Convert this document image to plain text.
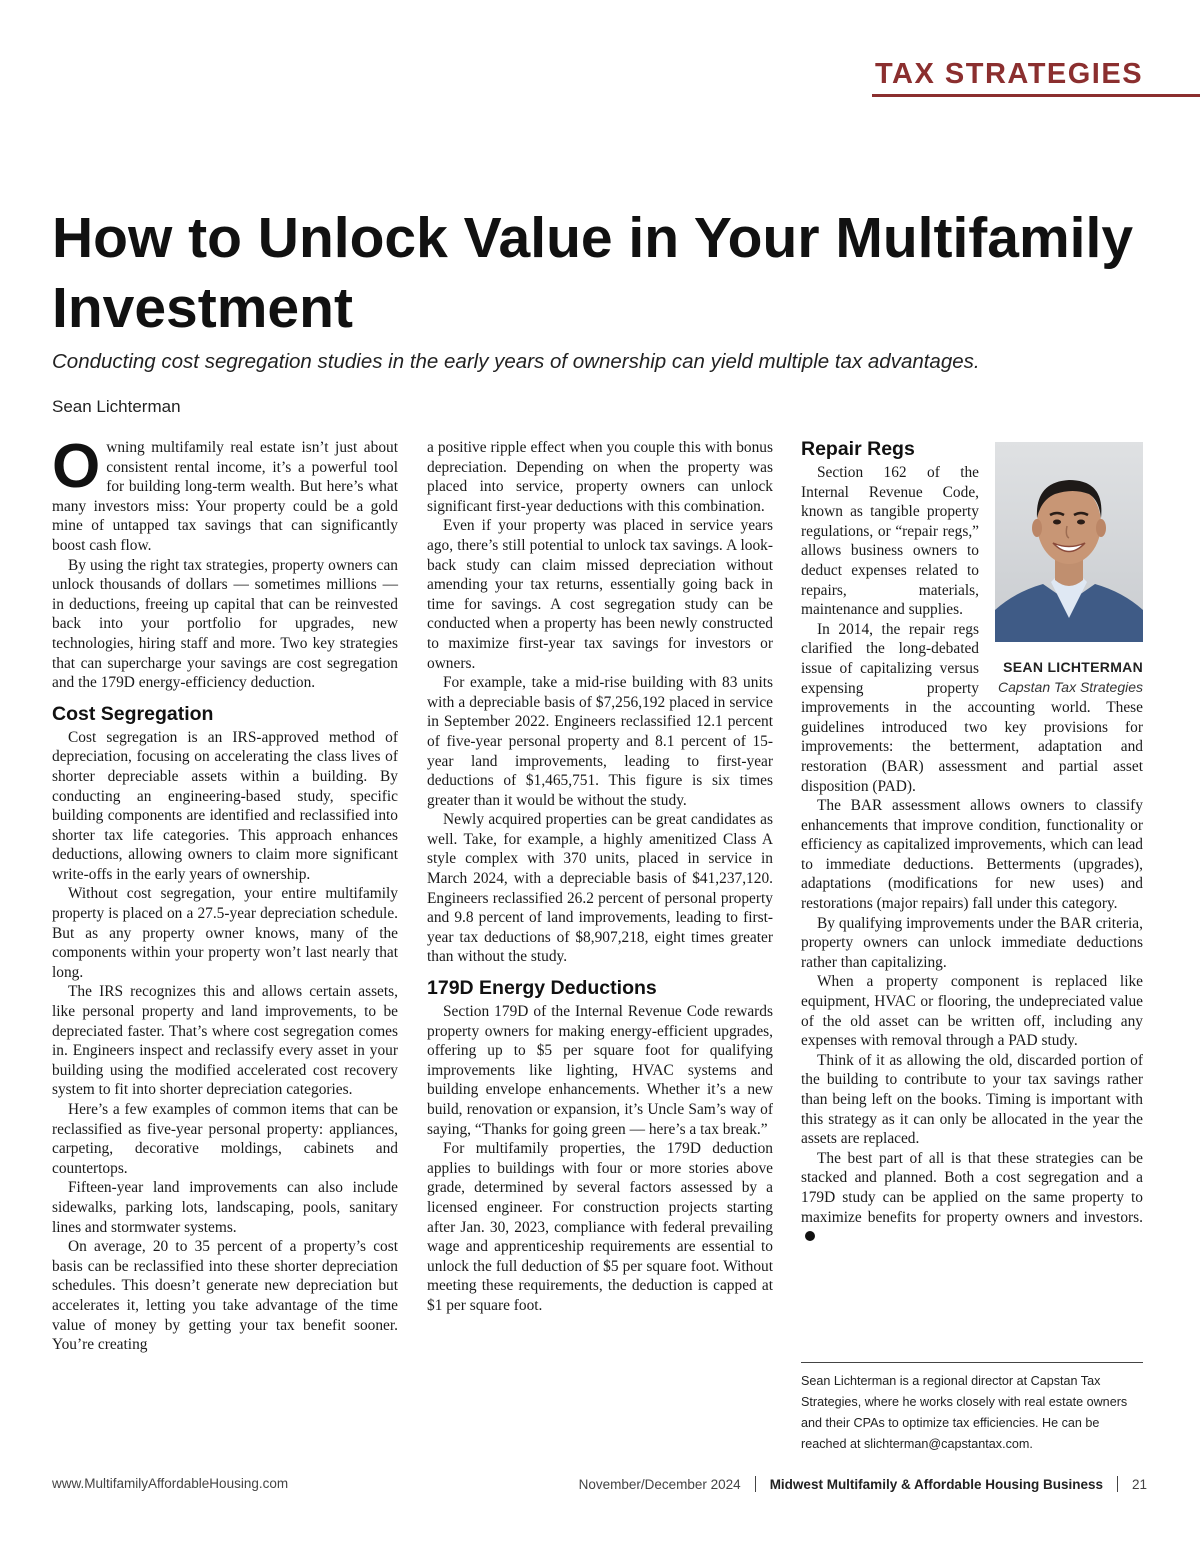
TAX STRATEGIES
How to Unlock Value in Your Multifamily Investment
Conducting cost segregation studies in the early years of ownership can yield multiple tax advantages.
Sean Lichterman

Owning multifamily real estate isn’t just about consistent rental income, it’s a powerful tool for building long-term wealth. But here’s what many investors miss: Your property could be a gold mine of untapped tax savings that can significantly boost cash flow.

By using the right tax strategies, property owners can unlock thousands of dollars — sometimes millions — in deductions, freeing up capital that can be reinvested back into your portfolio for upgrades, new technologies, hiring staff and more. Two key strategies that can supercharge your savings are cost segregation and the 179D energy-efficiency deduction.

Cost Segregation

Cost segregation is an IRS-approved method of depreciation, focusing on accelerating the class lives of shorter depreciable assets within a building. By conducting an engineering-based study, specific building components are identified and reclassified into shorter tax life categories. This approach enhances deductions, allowing owners to claim more significant write-offs in the early years of ownership.

Without cost segregation, your entire multifamily property is placed on a 27.5-year depreciation schedule. But as any property owner knows, many of the components within your property won’t last nearly that long.

The IRS recognizes this and allows certain assets, like personal property and land improvements, to be depreciated faster. That’s where cost segregation comes in. Engineers inspect and reclassify every asset in your building using the modified accelerated cost recovery system to fit into shorter depreciation categories.

Here’s a few examples of common items that can be reclassified as five-year personal property: appliances, carpeting, decorative moldings, cabinets and countertops.

Fifteen-year land improvements can also include sidewalks, parking lots, landscaping, pools, sanitary lines and stormwater systems.

On average, 20 to 35 percent of a property’s cost basis can be reclassified into these shorter depreciation schedules. This doesn’t generate new depreciation but accelerates it, letting you take advantage of the time value of money by getting your tax benefit sooner. You’re creating

a positive ripple effect when you couple this with bonus depreciation. Depending on when the property was placed into service, property owners can unlock significant first-year deductions with this combination.

Even if your property was placed in service years ago, there’s still potential to unlock tax savings. A look-back study can claim missed depreciation without amending your tax returns, essentially going back in time for savings. A cost segregation study can be conducted when a property has been newly constructed to maximize first-year tax savings for investors or owners.

For example, take a mid-rise building with 83 units with a depreciable basis of $7,256,192 placed in service in September 2022. Engineers reclassified 12.1 percent of five-year personal property and 8.1 percent of 15-year land improvements, leading to first-year deductions of $1,465,751. This figure is six times greater than it would be without the study.

Newly acquired properties can be great candidates as well. Take, for example, a highly amenitized Class A style complex with 370 units, placed in service in March 2024, with a depreciable basis of $41,237,120. Engineers reclassified 26.2 percent of personal property and 9.8 percent of land improvements, leading to first-year tax deductions of $8,907,218, eight times greater than without the study.

179D Energy Deductions

Section 179D of the Internal Revenue Code rewards property owners for making energy-efficient upgrades, offering up to $5 per square foot for qualifying improvements like lighting, HVAC systems and building envelope enhancements. Whether it’s a new build, renovation or expansion, it’s Uncle Sam’s way of saying, “Thanks for going green — here’s a tax break.”

For multifamily properties, the 179D deduction applies to buildings with four or more stories above grade, determined by several factors assessed by a licensed engineer. For construction projects starting after Jan. 30, 2023, compliance with federal prevailing wage and apprenticeship requirements are essential to unlock the full deduction of $5 per square foot. Without meeting these requirements, the deduction is capped at $1 per square foot.

SEAN LICHTERMAN
Capstan Tax Strategies
Repair Regs

Section 162 of the Internal Revenue Code, known as tangible property regulations, or “repair regs,” allows business owners to deduct expenses related to repairs, materials, maintenance and supplies.

In 2014, the repair regs clarified the long-debated issue of capitalizing versus expensing property improvements in the accounting world. These guidelines introduced two key provisions for improvements: the betterment, adaptation and restoration (BAR) assessment and partial asset disposition (PAD).

The BAR assessment allows owners to classify enhancements that improve condition, functionality or efficiency as capitalized improvements, which can lead to immediate deductions. Betterments (upgrades), adaptations (modifications for new uses) and restorations (major repairs) fall under this category.

By qualifying improvements under the BAR criteria, property owners can unlock immediate deductions rather than capitalizing.

When a property component is replaced like equipment, HVAC or flooring, the undepreciated value of the old asset can be written off, including any expenses with removal through a PAD study.

Think of it as allowing the old, discarded portion of the building to contribute to your tax savings rather than being left on the books. Timing is important with this strategy as it can only be allocated in the year the assets are replaced.

The best part of all is that these strategies can be stacked and planned. Both a cost segregation and a 179D study can be applied on the same property to maximize benefits for property owners and investors.

Sean Lichterman is a regional director at Capstan Tax Strategies, where he works closely with real estate owners and their CPAs to optimize tax efficiencies. He can be reached at slichterman@capstantax.com.
www.MultifamilyAffordableHousing.com	November/December 2024 Midwest Multifamily & Affordable Housing Business 21
